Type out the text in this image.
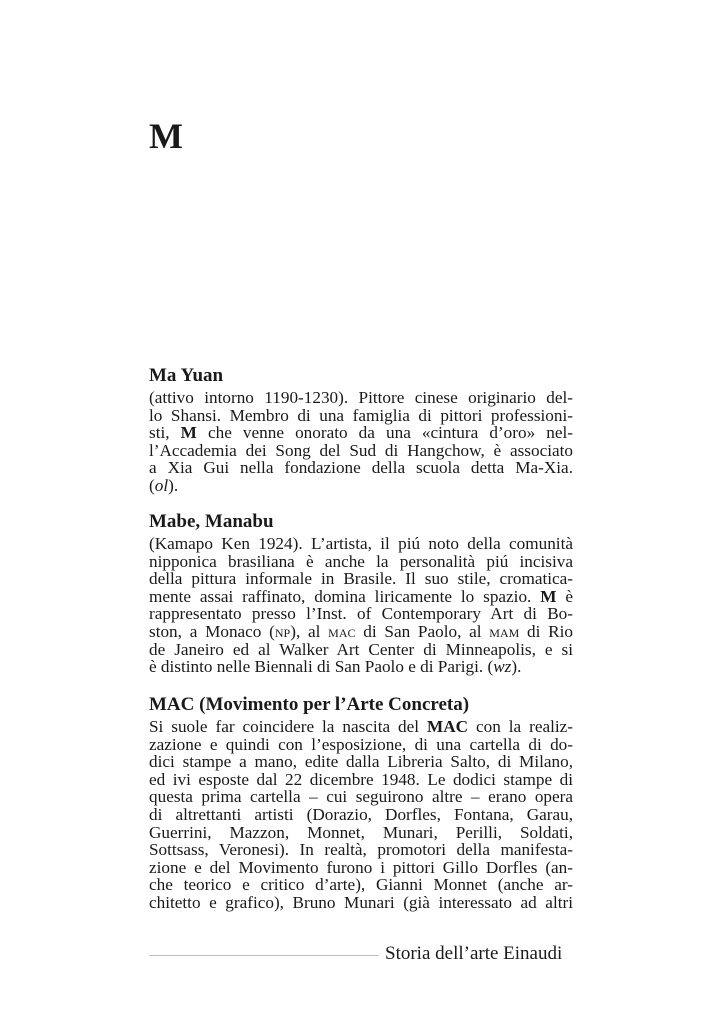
M
Ma Yuan
(attivo intorno 1190-1230). Pittore cinese originario del-
lo Shansi. Membro di una famiglia di pittori professioni-
sti, M che venne onorato da una «cintura d’oro» nel-
l’Accademia dei Song del Sud di Hangchow, è associato
a Xia Gui nella fondazione della scuola detta Ma-Xia.
(ol).
Mabe, Manabu
(Kamapo Ken 1924). L’artista, il piú noto della comunità
nipponica brasiliana è anche la personalità piú incisiva
della pittura informale in Brasile. Il suo stile, cromatica-
mente assai raffinato, domina liricamente lo spazio. M è
rappresentato presso l’Inst. of Contemporary Art di Bo-
ston, a Monaco (np), al mac di San Paolo, al mam di Rio
de Janeiro ed al Walker Art Center di Minneapolis, e si
è distinto nelle Biennali di San Paolo e di Parigi. (wz).
MAC (Movimento per l’Arte Concreta)
Si suole far coincidere la nascita del MAC con la realiz-
zazione e quindi con l’esposizione, di una cartella di do-
dici stampe a mano, edite dalla Libreria Salto, di Milano,
ed ivi esposte dal 22 dicembre 1948. Le dodici stampe di
questa prima cartella – cui seguirono altre – erano opera
di altrettanti artisti (Dorazio, Dorfles, Fontana, Garau,
Guerrini, Mazzon, Monnet, Munari, Perilli, Soldati,
Sottsass, Veronesi). In realtà, promotori della manifesta-
zione e del Movimento furono i pittori Gillo Dorfles (an-
che teorico e critico d’arte), Gianni Monnet (anche ar-
chitetto e grafico), Bruno Munari (già interessato ad altri
Storia dell’arte Einaudi
